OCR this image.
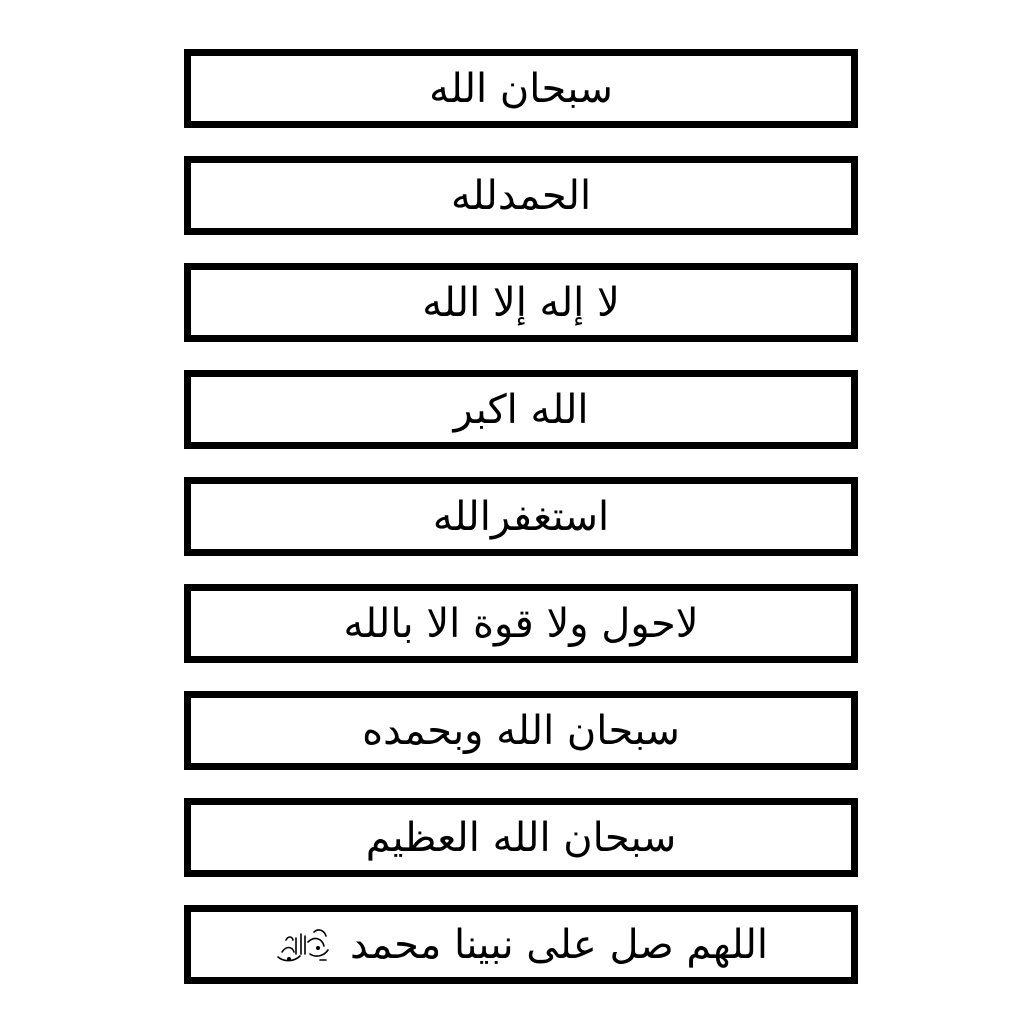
سبحان الله
الحمدلله
لا إله إلا الله
الله اكبر
استغفرالله
لاحول ولا قوة الا بالله
سبحان الله وبحمده
سبحان الله العظيم
اللهم صل على نبينا محمد
